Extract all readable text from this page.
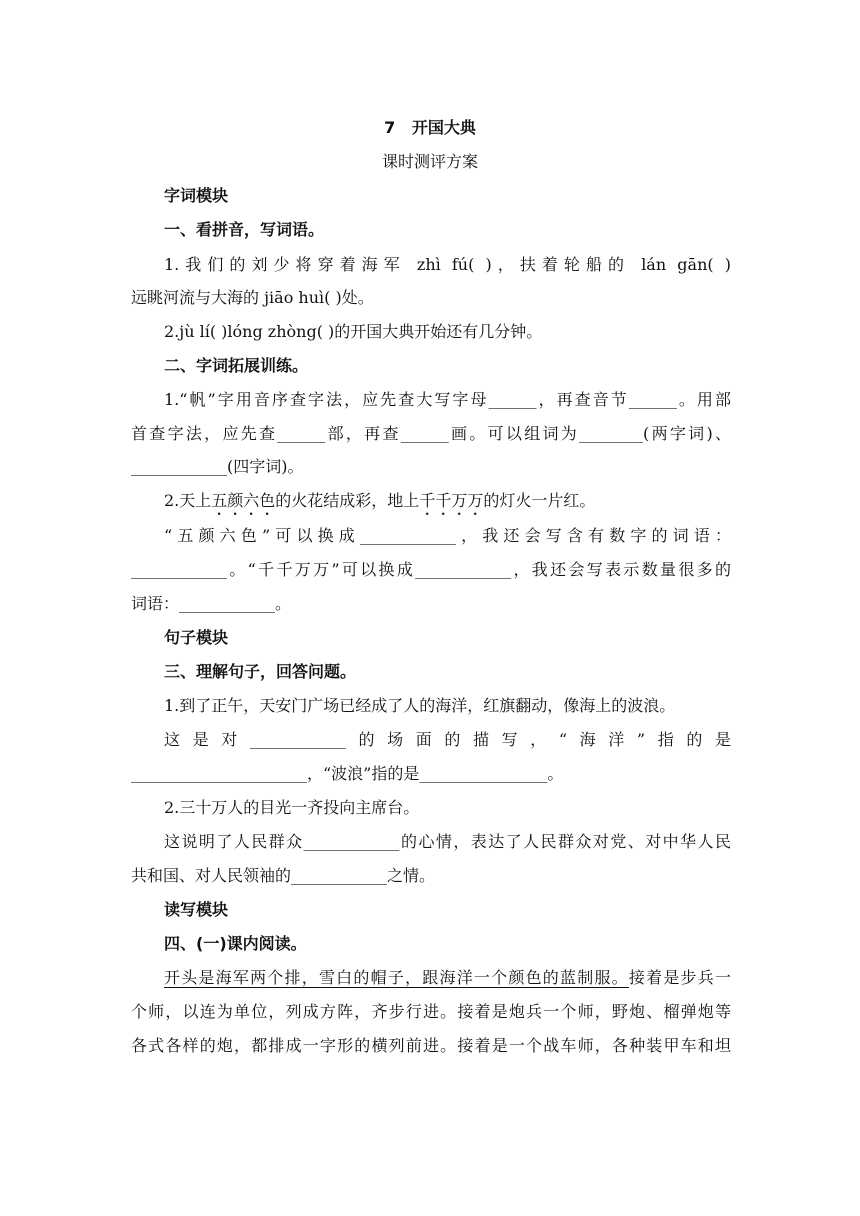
7 开国大典
课时测评方案
字词模块
一、看拼音，写词语。
1.我们的刘少将穿着海军 zhì fú( )，扶着轮船的 lán gān( )
远眺河流与大海的 jiāo huì( )处。
2.jù lí( )lóng zhòng( )的开国大典开始还有几分钟。
二、字词拓展训练。
1.“帆”字用音序查字法，应先查大写字母______，再查音节______。用部
首查字法，应先查______部，再查______画。可以组词为________(两字词)、
____________(四字词)。
2.天上五颜六色的火花结成彩，地上千千万万的灯火一片红。
“五颜六色”可以换成____________，我还会写含有数字的词语：
____________。“千千万万”可以换成____________，我还会写表示数量很多的
词语：____________。
句子模块
三、理解句子，回答问题。
1.到了正午，天安门广场已经成了人的海洋，红旗翻动，像海上的波浪。
这是对____________的场面的描写，“海洋”指的是
______________________，“波浪”指的是________________。
2.三十万人的目光一齐投向主席台。
这说明了人民群众____________的心情，表达了人民群众对党、对中华人民
共和国、对人民领袖的____________之情。
读写模块
四、(一)课内阅读。
开头是海军两个排，雪白的帽子，跟海洋一个颜色的蓝制服。接着是步兵一
个师，以连为单位，列成方阵，齐步行进。接着是炮兵一个师，野炮、榴弹炮等
各式各样的炮，都排成一字形的横列前进。接着是一个战车师，各种装甲车和坦
